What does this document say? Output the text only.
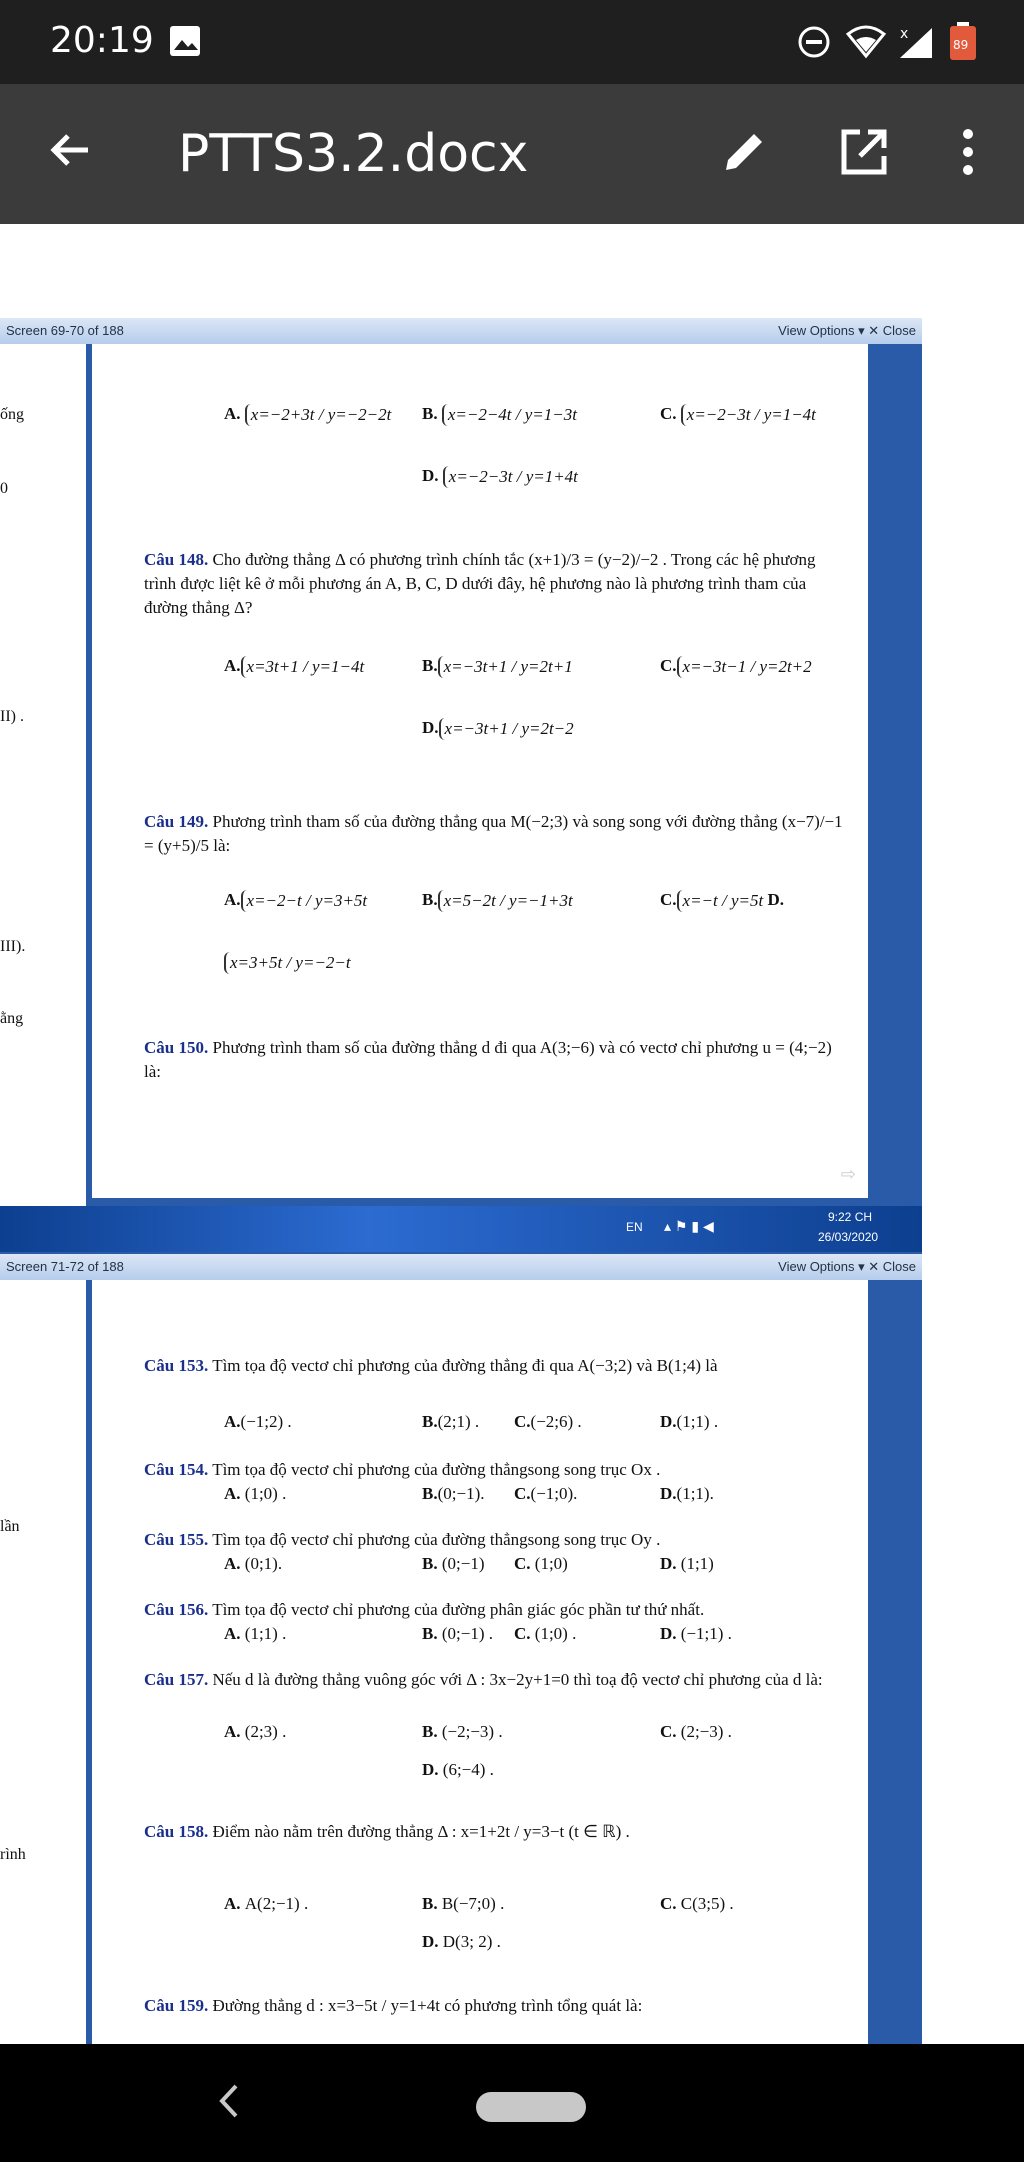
20:19	x
89
PTTS3.2.docx
Screen 69-70 of 188	View Options ▾ ✕ Close
ống
0
II) .
III).
ằng
A. x=−2+3t / y=−2−2t B. x=−2−4t / y=1−3t	C. x=−2−3t / y=1−4t
D. x=−2−3t / y=1+4t
Câu 148. Cho đường thẳng Δ có phương trình chính tắc (x+1)/3 = (y−2)/−2 . Trong các hệ phương trình được liệt kê ở mỗi phương án A, B, C, D dưới đây, hệ phương nào là phương trình tham của đường thẳng Δ?
A. x=3t+1 / y=1−4t	B. x=−3t+1 / y=2t+1	C. x=−3t−1 / y=2t+2
D. x=−3t+1 / y=2t−2
Câu 149. Phương trình tham số của đường thẳng qua M(−2;3) và song song với đường thẳng (x−7)/−1 = (y+5)/5 là:
A. x=−2−t / y=3+5t	B. x=5−2t / y=−1+3t	C. x=−t / y=5t D.
x=3+5t / y=−2−t
Câu 150. Phương trình tham số của đường thẳng d đi qua A(3;−6) và có vectơ chỉ phương u = (4;−2) là:
⇨
EN ▴ ⚑ ▮ ◀
9:22 CH
26/03/2020
Screen 71-72 of 188	View Options ▾ ✕ Close
lần
rình
Câu 153. Tìm tọa độ vectơ chỉ phương của đường thẳng đi qua A(−3;2) và B(1;4) là
A.(−1;2) .	B.(2;1) . C.(−2;6) .	D.(1;1) .
Câu 154. Tìm tọa độ vectơ chỉ phương của đường thẳngsong song trục Ox .
A. (1;0) .	B.(0;−1). C.(−1;0).	D.(1;1).
Câu 155. Tìm tọa độ vectơ chỉ phương của đường thẳngsong song trục Oy .
A. (0;1).	B. (0;−1) C. (1;0)	D. (1;1)
Câu 156. Tìm tọa độ vectơ chỉ phương của đường phân giác góc phần tư thứ nhất.
A. (1;1) .	B. (0;−1) . C. (1;0) .	D. (−1;1) .
Câu 157. Nếu d là đường thẳng vuông góc với Δ : 3x−2y+1=0 thì toạ độ vectơ chỉ phương của d là:
A. (2;3) .	B. (−2;−3) .	C. (2;−3) .
D. (6;−4) .
Câu 158. Điểm nào nằm trên đường thẳng Δ : x=1+2t / y=3−t (t ∈ ℝ) .
A. A(2;−1) .	B. B(−7;0) .	C. C(3;5) .
D. D(3; 2) .
Câu 159. Đường thẳng d : x=3−5t / y=1+4t có phương trình tổng quát là:
